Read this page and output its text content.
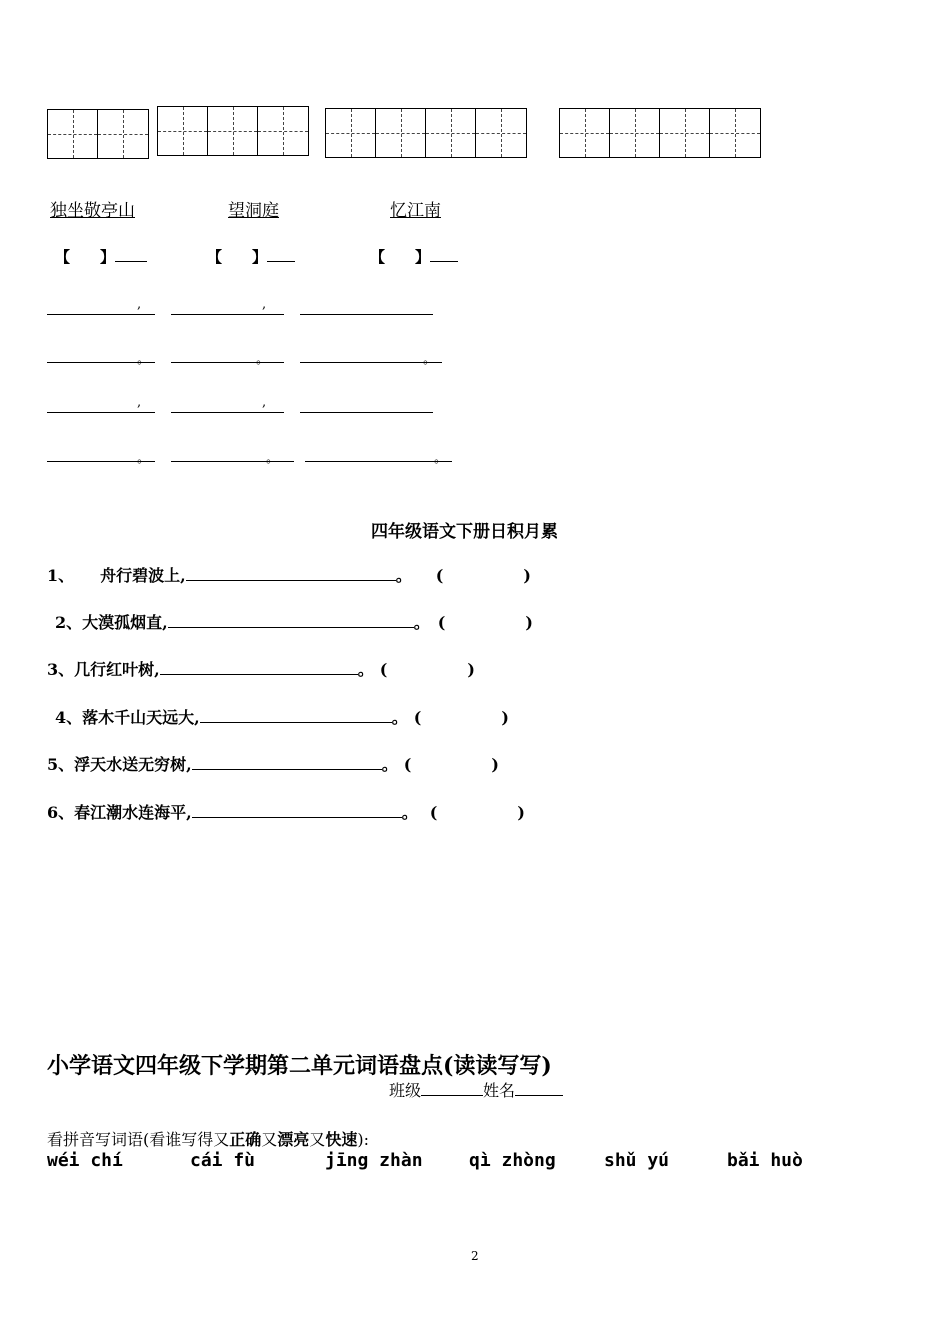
独坐敬亭山	望洞庭	忆江南
【 】	【 】	【 】
,	,
。	。	。
,	,
。	。	。
四年级语文下册日积月累
1、 舟行碧波上,	。 (	)
2、大漠孤烟直,	。 (	)
3、几行红叶树,	。 (	)
4、落木千山天远大,	。 (	)
5、浮天水送无穷树,	。 (	)
6、春江潮水连海平,	。 (	)
小学语文四年级下学期第二单元词语盘点(读读写写)
班级	姓名
看拼音写词语(看谁写得又正确又漂亮又快速):
wéi chí	cái fù	jīng zhàn	qì zhòng	shǔ yú	bǎi huò
2
